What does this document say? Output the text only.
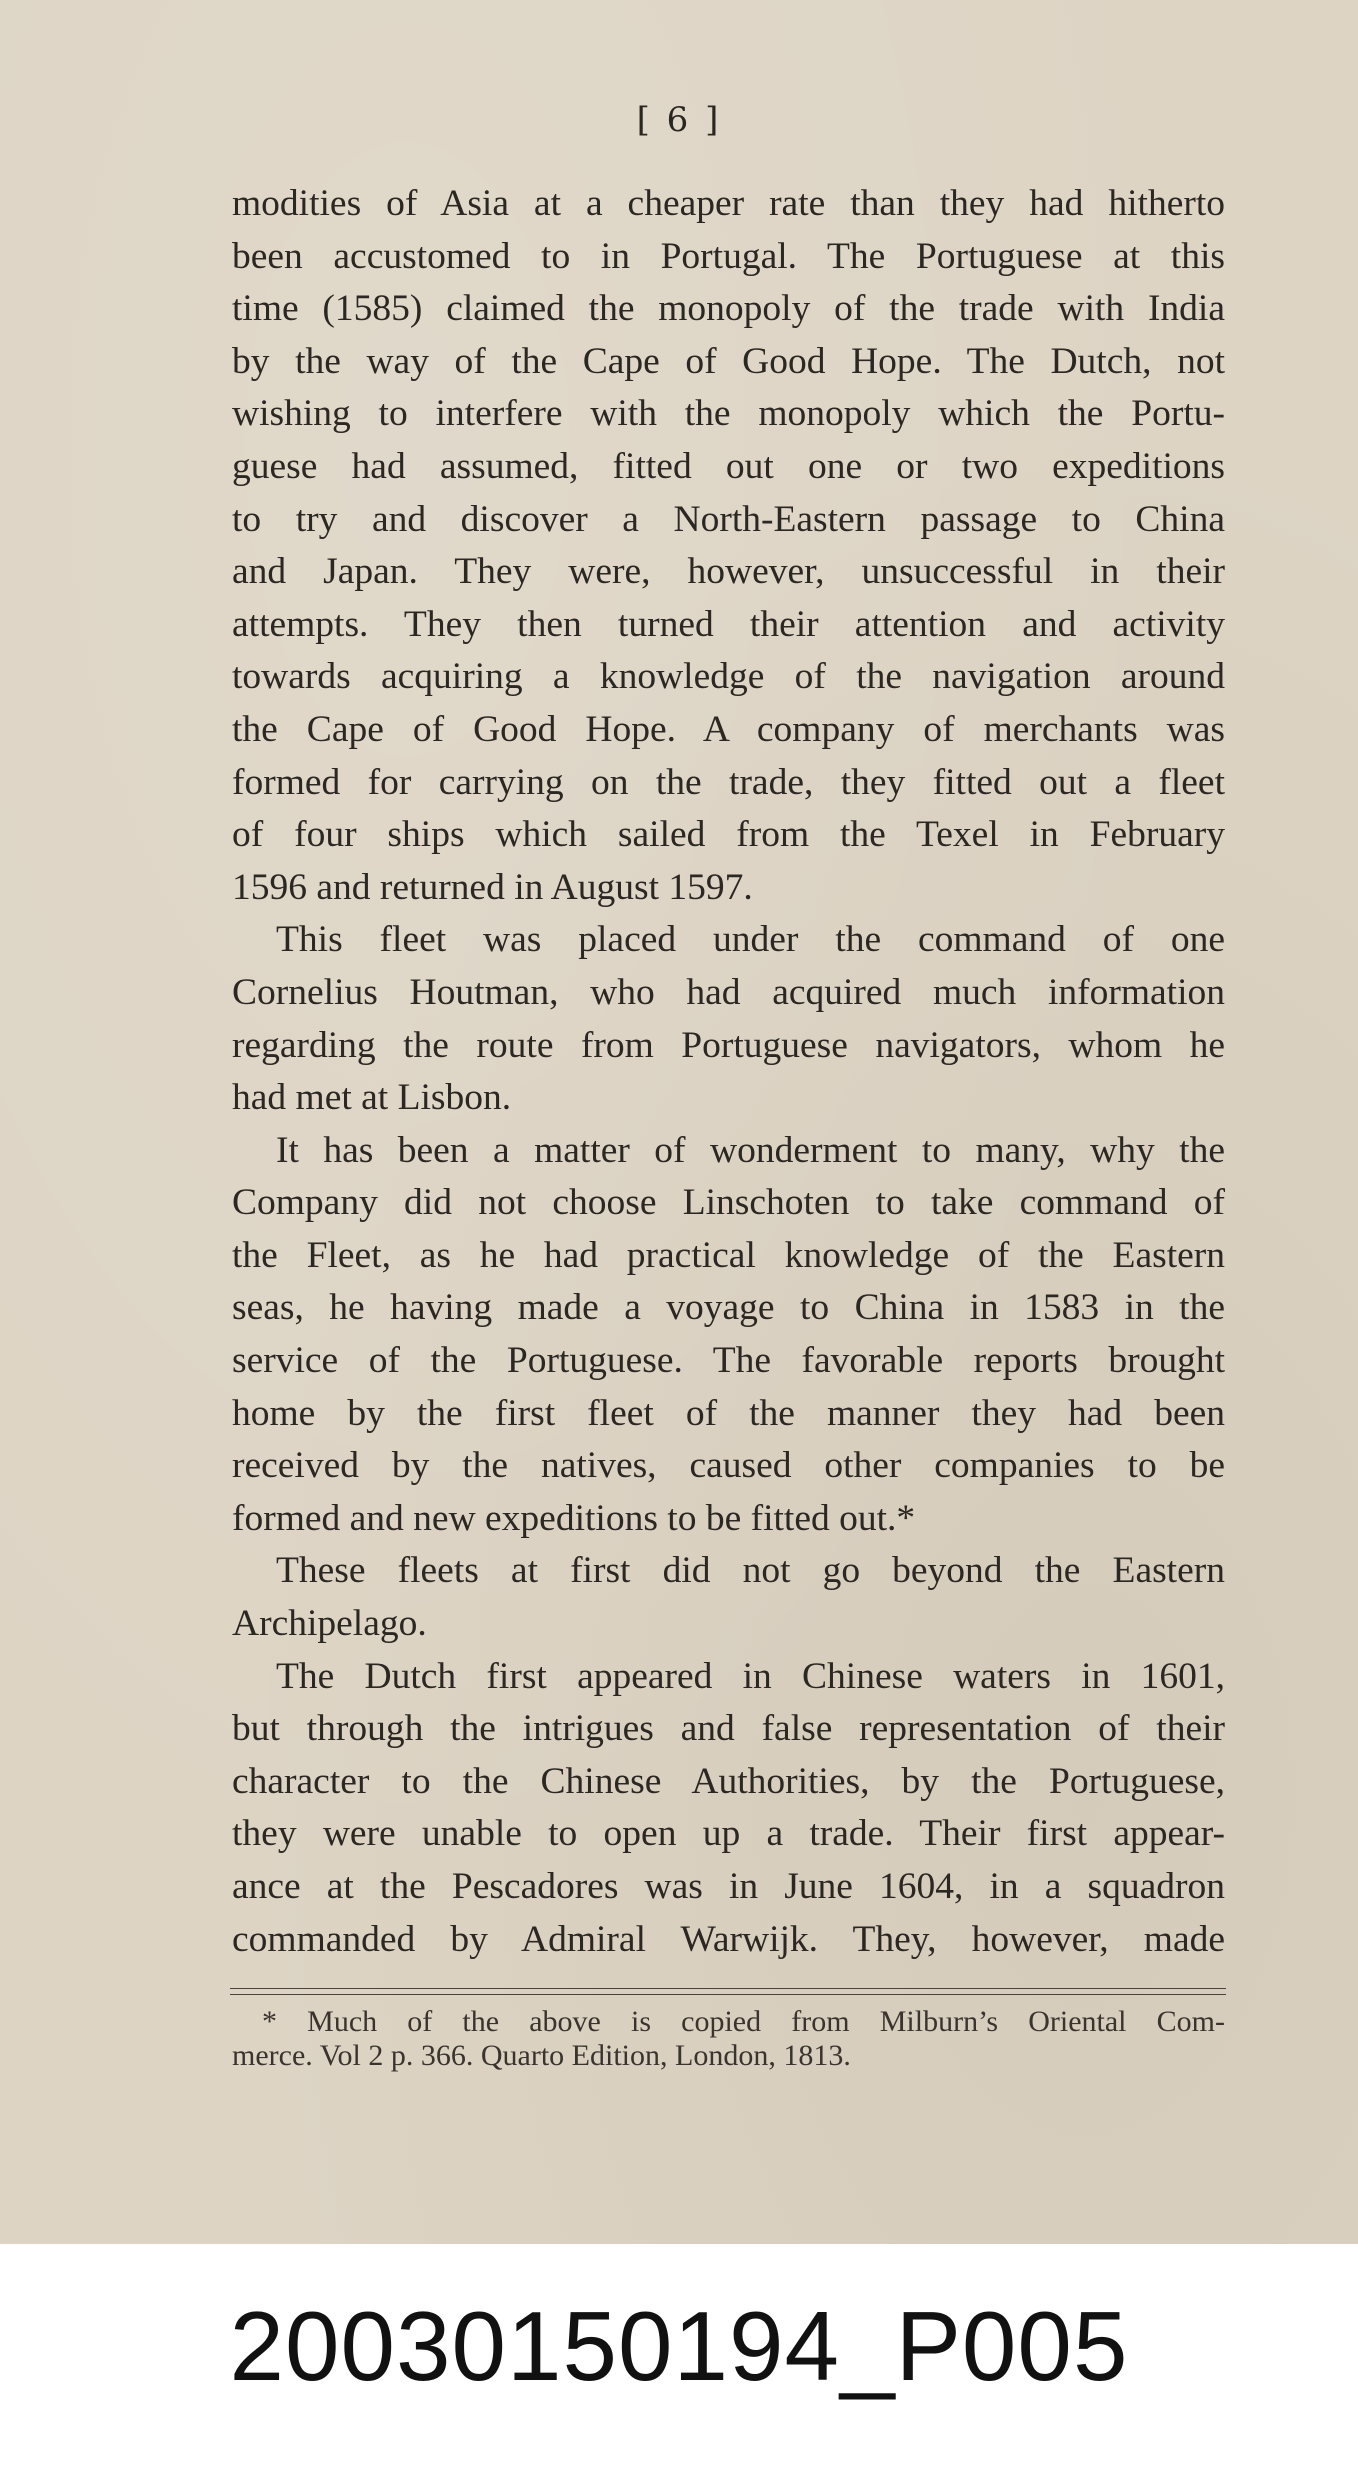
[ 6 ]
modities of Asia at a cheaper rate than they had hitherto
been accustomed to in Portugal. The Portuguese at this
time (1585) claimed the monopoly of the trade with India
by the way of the Cape of Good Hope. The Dutch, not
wishing to interfere with the monopoly which the Portu-
guese had assumed, fitted out one or two expeditions
to try and discover a North-Eastern passage to China
and Japan. They were, however, unsuccessful in their
attempts. They then turned their attention and activity
towards acquiring a knowledge of the navigation around
the Cape of Good Hope. A company of merchants was
formed for carrying on the trade, they fitted out a fleet
of four ships which sailed from the Texel in February
1596 and returned in August 1597.
This fleet was placed under the command of one
Cornelius Houtman, who had acquired much information
regarding the route from Portuguese navigators, whom he
had met at Lisbon.
It has been a matter of wonderment to many, why the
Company did not choose Linschoten to take command of
the Fleet, as he had practical knowledge of the Eastern
seas, he having made a voyage to China in 1583 in the
service of the Portuguese. The favorable reports brought
home by the first fleet of the manner they had been
received by the natives, caused other companies to be
formed and new expeditions to be fitted out.*
These fleets at first did not go beyond the Eastern
Archipelago.
The Dutch first appeared in Chinese waters in 1601,
but through the intrigues and false representation of their
character to the Chinese Authorities, by the Portuguese,
they were unable to open up a trade. Their first appear-
ance at the Pescadores was in June 1604, in a squadron
commanded by Admiral Warwijk. They, however, made
* Much of the above is copied from Milburn’s Oriental Com-
merce. Vol 2 p. 366. Quarto Edition, London, 1813.
20030150194_P005
